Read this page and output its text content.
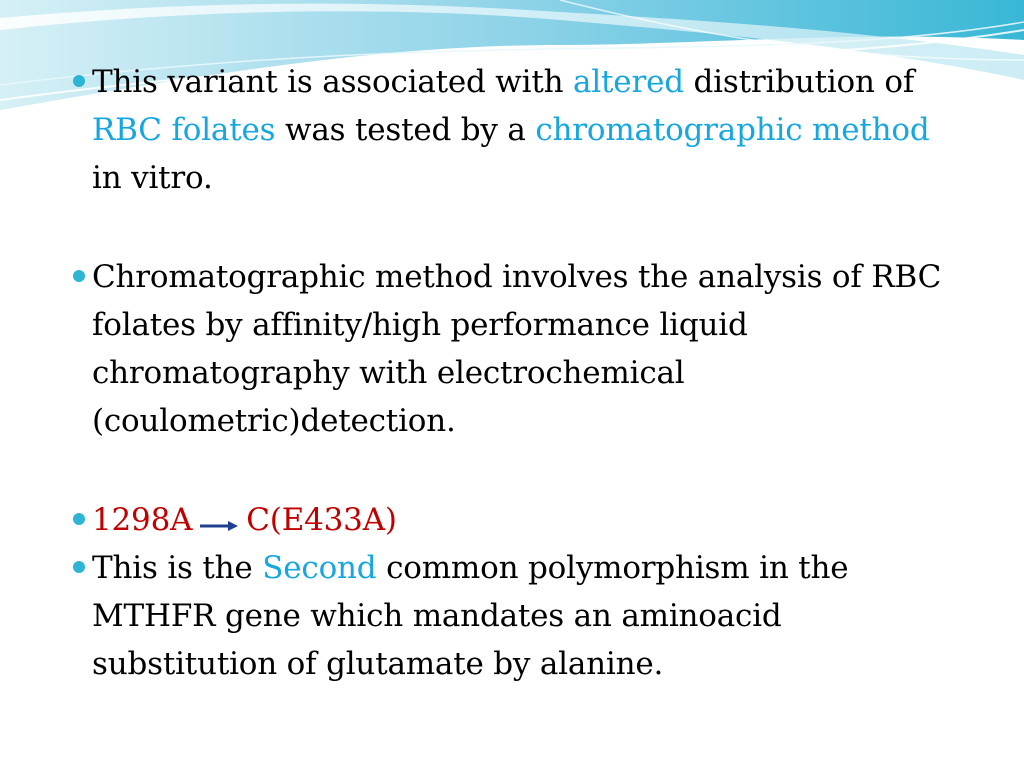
This variant is associated with altered distribution of RBC folates was tested by a chromatographic method in vitro.
Chromatographic method involves the analysis of RBC folates by affinity/high performance liquid chromatography with electrochemical (coulometric)detection.
1298A C(E433A)
This is the Second common polymorphism in the MTHFR gene which mandates an aminoacid substitution of glutamate by alanine.
